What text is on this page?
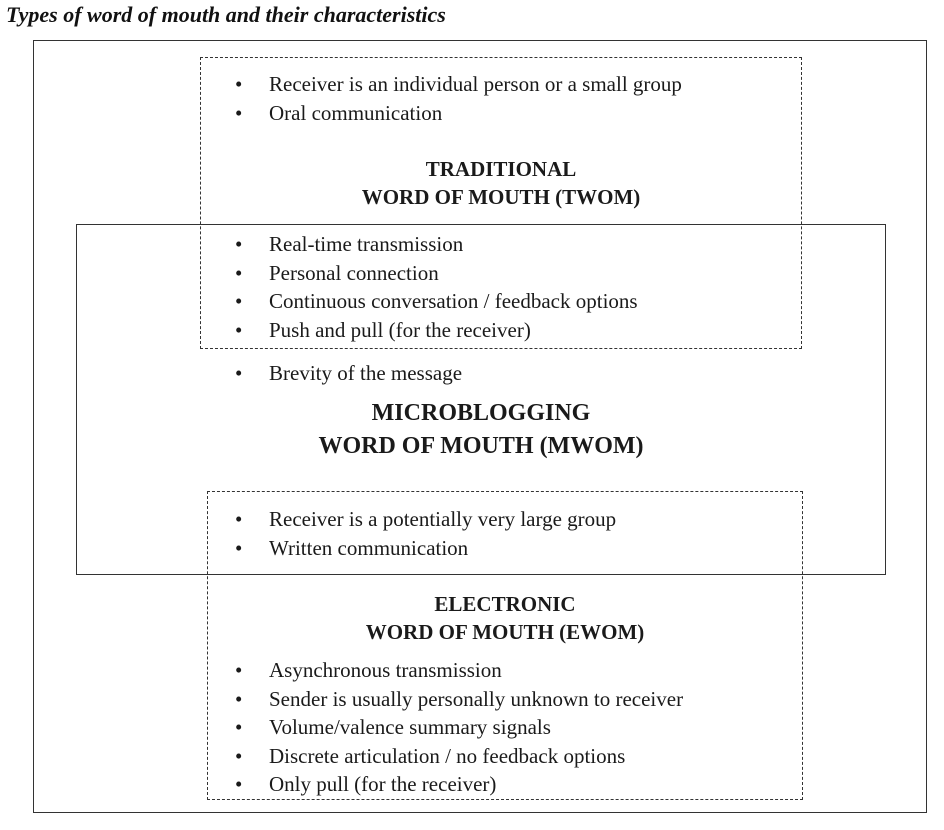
Types of word of mouth and their characteristics
• Receiver is an individual person or a small group
• Oral communication
TRADITIONAL
WORD OF MOUTH (TWOM)
• Real-time transmission
• Personal connection
• Continuous conversation / feedback options
• Push and pull (for the receiver)
• Brevity of the message
MICROBLOGGING
WORD OF MOUTH (MWOM)
• Receiver is a potentially very large group
• Written communication
ELECTRONIC
WORD OF MOUTH (EWOM)
• Asynchronous transmission
• Sender is usually personally unknown to receiver
• Volume/valence summary signals
• Discrete articulation / no feedback options
• Only pull (for the receiver)
